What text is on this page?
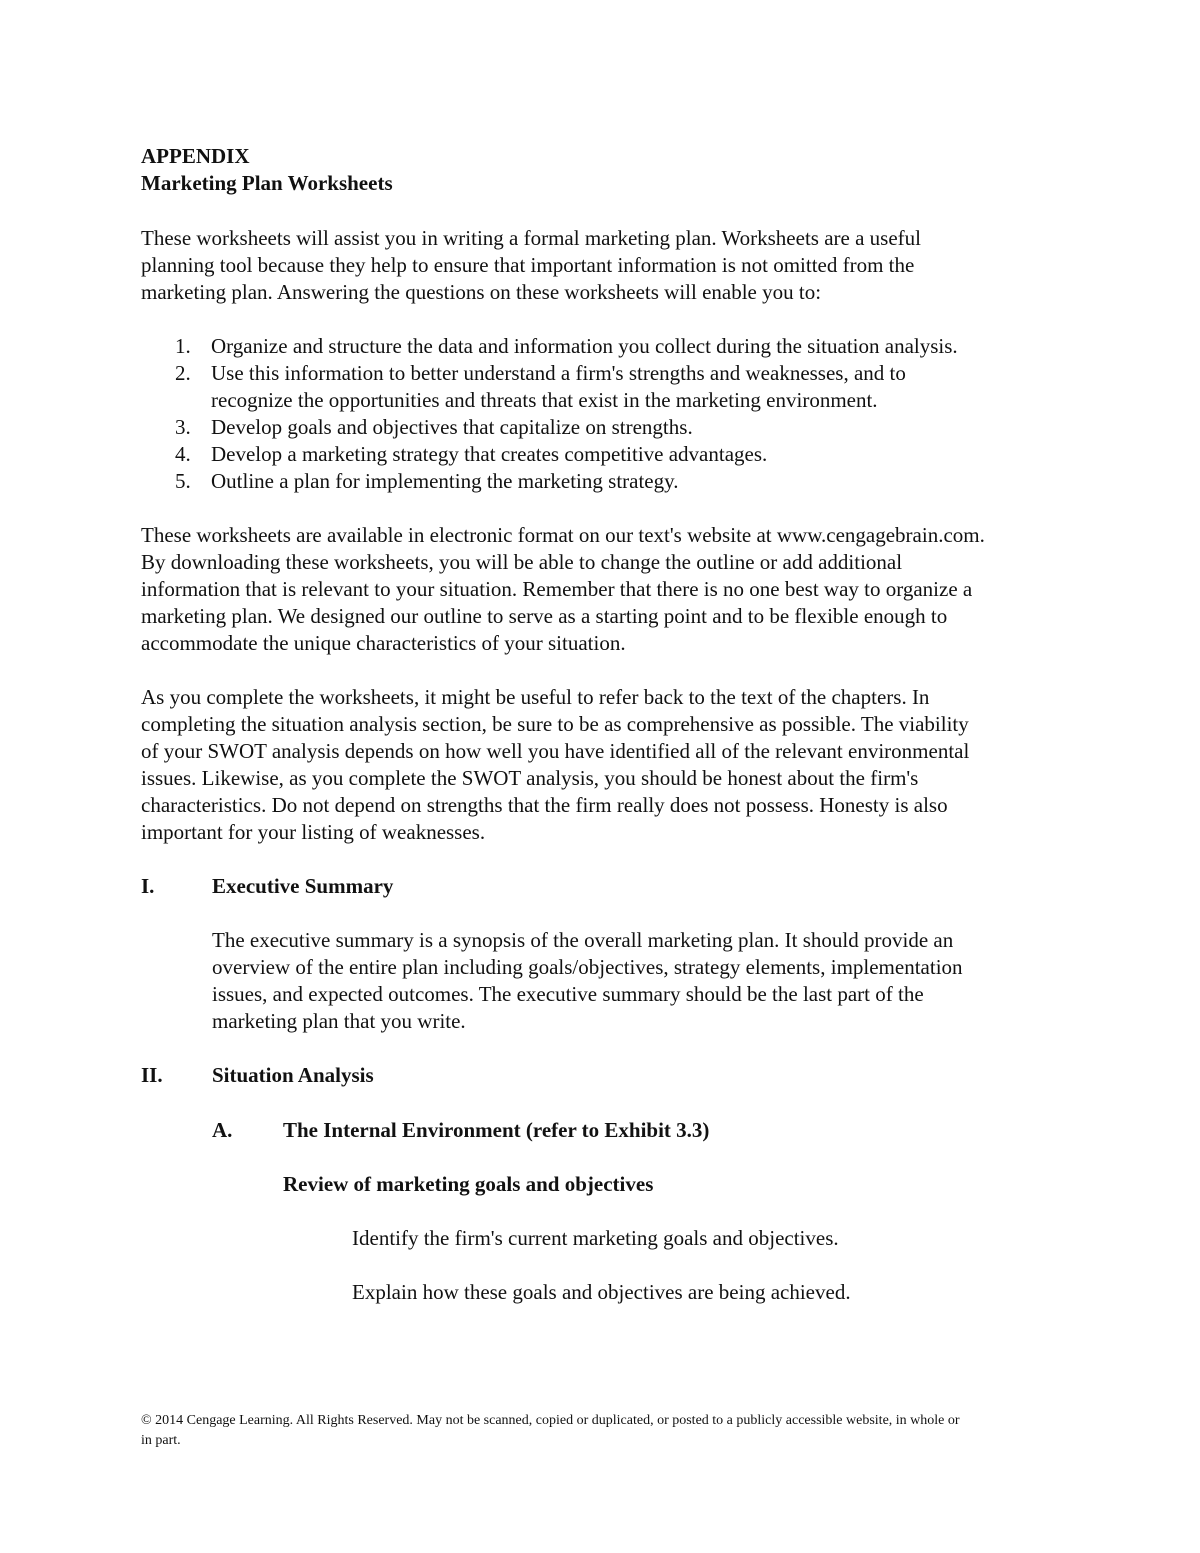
APPENDIX
Marketing Plan Worksheets
These worksheets will assist you in writing a formal marketing plan. Worksheets are a useful
planning tool because they help to ensure that important information is not omitted from the
marketing plan. Answering the questions on these worksheets will enable you to:
1. Organize and structure the data and information you collect during the situation analysis.
2. Use this information to better understand a firm's strengths and weaknesses, and to
recognize the opportunities and threats that exist in the marketing environment.
3. Develop goals and objectives that capitalize on strengths.
4. Develop a marketing strategy that creates competitive advantages.
5. Outline a plan for implementing the marketing strategy.
These worksheets are available in electronic format on our text's website at www.cengagebrain.com.
By downloading these worksheets, you will be able to change the outline or add additional
information that is relevant to your situation. Remember that there is no one best way to organize a
marketing plan. We designed our outline to serve as a starting point and to be flexible enough to
accommodate the unique characteristics of your situation.
As you complete the worksheets, it might be useful to refer back to the text of the chapters. In
completing the situation analysis section, be sure to be as comprehensive as possible. The viability
of your SWOT analysis depends on how well you have identified all of the relevant environmental
issues. Likewise, as you complete the SWOT analysis, you should be honest about the firm's
characteristics. Do not depend on strengths that the firm really does not possess. Honesty is also
important for your listing of weaknesses.
I.	Executive Summary
The executive summary is a synopsis of the overall marketing plan. It should provide an
overview of the entire plan including goals/objectives, strategy elements, implementation
issues, and expected outcomes. The executive summary should be the last part of the
marketing plan that you write.
II. Situation Analysis
A. The Internal Environment (refer to Exhibit 3.3)
Review of marketing goals and objectives
Identify the firm's current marketing goals and objectives.
Explain how these goals and objectives are being achieved.
© 2014 Cengage Learning. All Rights Reserved. May not be scanned, copied or duplicated, or posted to a publicly accessible website, in whole or
in part.
